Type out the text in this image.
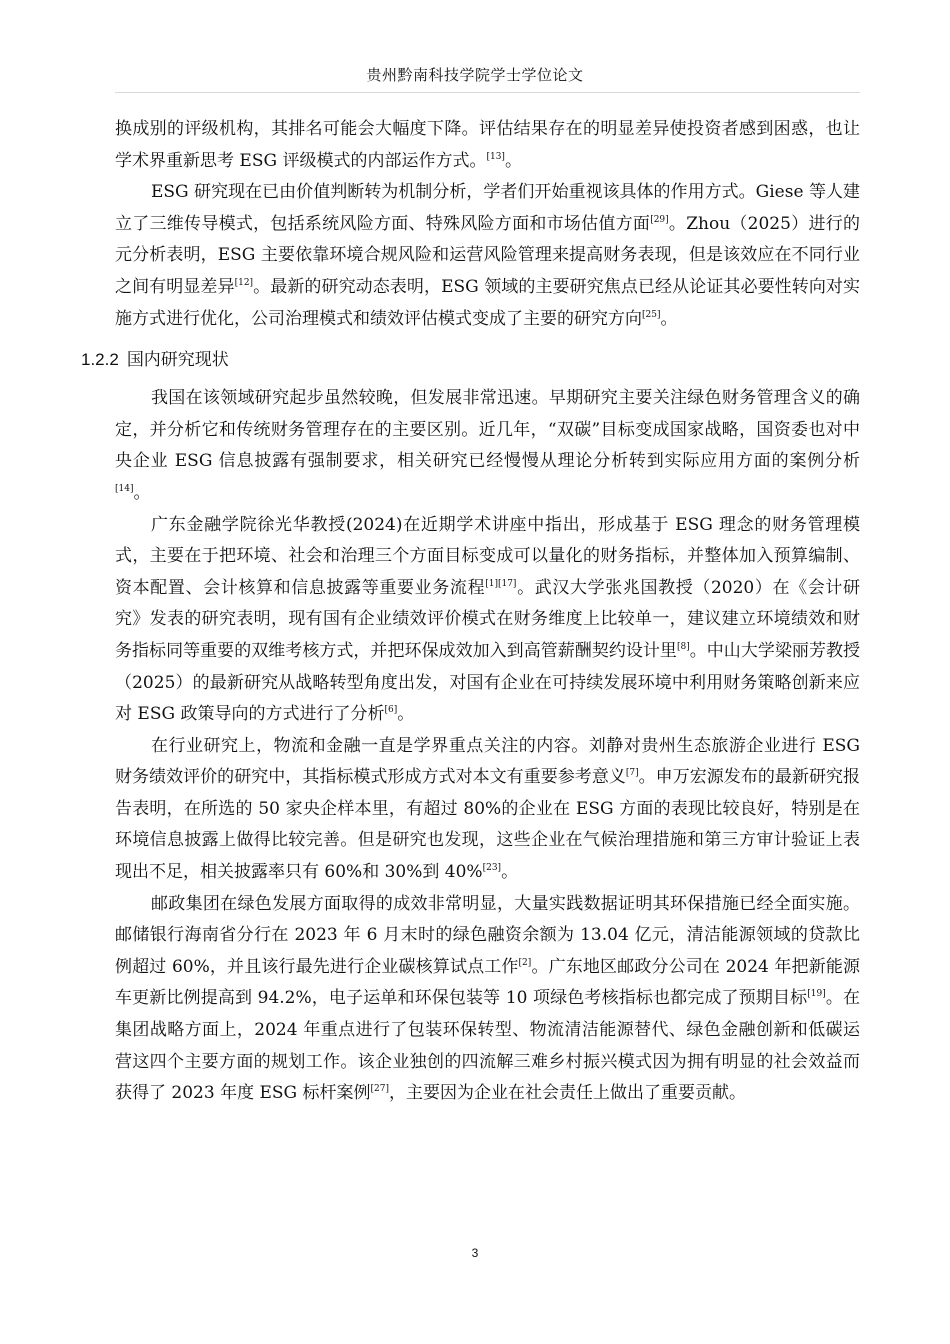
贵州黔南科技学院学士学位论文

换成别的评级机构，其排名可能会大幅度下降。评估结果存在的明显差异使投资者感到困惑，也让学术界重新思考 ESG 评级模式的内部运作方式。[13]。

ESG 研究现在已由价值判断转为机制分析，学者们开始重视该具体的作用方式。Giese 等人建立了三维传导模式，包括系统风险方面、特殊风险方面和市场估值方面[29]。Zhou（2025）进行的元分析表明，ESG 主要依靠环境合规风险和运营风险管理来提高财务表现，但是该效应在不同行业之间有明显差异[12]。最新的研究动态表明，ESG 领域的主要研究焦点已经从论证其必要性转向对实施方式进行优化，公司治理模式和绩效评估模式变成了主要的研究方向[25]。

1.2.2 国内研究现状

我国在该领域研究起步虽然较晚，但发展非常迅速。早期研究主要关注绿色财务管理含义的确定，并分析它和传统财务管理存在的主要区别。近几年，“双碳”目标变成国家战略，国资委也对中央企业 ESG 信息披露有强制要求，相关研究已经慢慢从理论分析转到实际应用方面的案例分析[14]。

广东金融学院徐光华教授(2024)在近期学术讲座中指出，形成基于 ESG 理念的财务管理模式，主要在于把环境、社会和治理三个方面目标变成可以量化的财务指标，并整体加入预算编制、资本配置、会计核算和信息披露等重要业务流程[1][17]。武汉大学张兆国教授（2020）在《会计研究》发表的研究表明，现有国有企业绩效评价模式在财务维度上比较单一，建议建立环境绩效和财务指标同等重要的双维考核方式，并把环保成效加入到高管薪酬契约设计里[8]。中山大学梁丽芳教授（2025）的最新研究从战略转型角度出发，对国有企业在可持续发展环境中利用财务策略创新来应对 ESG 政策导向的方式进行了分析[6]。

在行业研究上，物流和金融一直是学界重点关注的内容。刘静对贵州生态旅游企业进行 ESG 财务绩效评价的研究中，其指标模式形成方式对本文有重要参考意义[7]。申万宏源发布的最新研究报告表明，在所选的 50 家央企样本里，有超过 80%的企业在 ESG 方面的表现比较良好，特别是在环境信息披露上做得比较完善。但是研究也发现，这些企业在气候治理措施和第三方审计验证上表现出不足，相关披露率只有 60%和 30%到 40%[23]。

邮政集团在绿色发展方面取得的成效非常明显，大量实践数据证明其环保措施已经全面实施。邮储银行海南省分行在 2023 年 6 月末时的绿色融资余额为 13.04 亿元，清洁能源领域的贷款比例超过 60%，并且该行最先进行企业碳核算试点工作[2]。广东地区邮政分公司在 2024 年把新能源车更新比例提高到 94.2%，电子运单和环保包装等 10 项绿色考核指标也都完成了预期目标[19]。在集团战略方面上，2024 年重点进行了包装环保转型、物流清洁能源替代、绿色金融创新和低碳运营这四个主要方面的规划工作。该企业独创的四流解三难乡村振兴模式因为拥有明显的社会效益而获得了 2023 年度 ESG 标杆案例[27]，主要因为企业在社会责任上做出了重要贡献。

3
